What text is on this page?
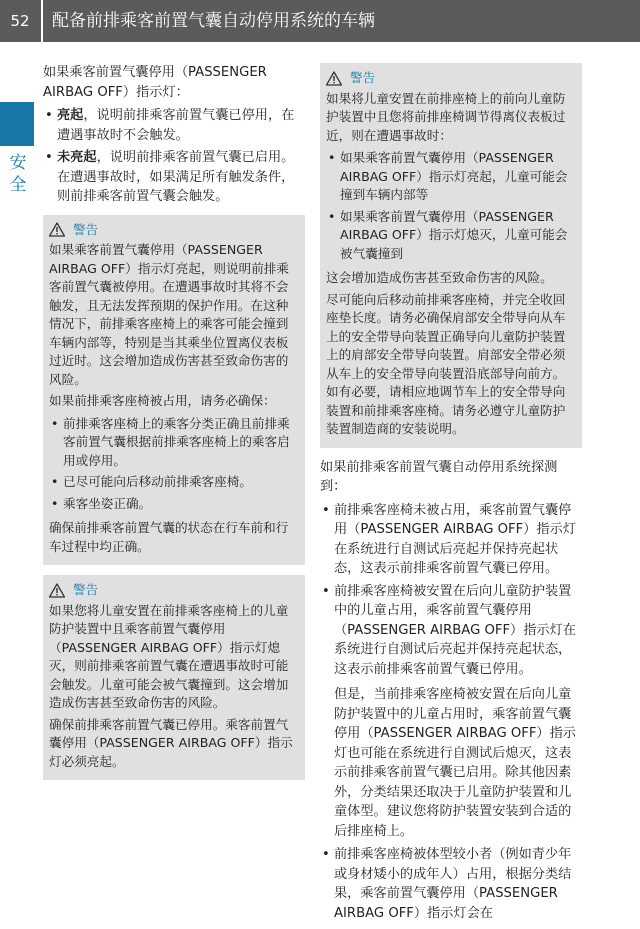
52	配备前排乘客前置气囊自动停用系统的车辆
安全

如果乘客前置气囊停用（PASSENGER AIRBAG OFF）指示灯：

• 亮起，说明前排乘客前置气囊已停用，在遭遇事故时不会触发。
• 未亮起，说明前排乘客前置气囊已启用。在遭遇事故时，如果满足所有触发条件，则前排乘客前置气囊会触发。
警告

如果乘客前置气囊停用（PASSENGER AIRBAG OFF）指示灯亮起，则说明前排乘客前置气囊被停用。在遭遇事故时其将不会触发，且无法发挥预期的保护作用。在这种情况下，前排乘客座椅上的乘客可能会撞到车辆内部等，特别是当其乘坐位置离仪表板过近时。这会增加造成伤害甚至致命伤害的风险。

如果前排乘客座椅被占用，请务必确保：

• 前排乘客座椅上的乘客分类正确且前排乘客前置气囊根据前排乘客座椅上的乘客启用或停用。
• 已尽可能向后移动前排乘客座椅。
• 乘客坐姿正确。

确保前排乘客前置气囊的状态在行车前和行车过程中均正确。

警告

如果您将儿童安置在前排乘客座椅上的儿童防护装置中且乘客前置气囊停用（PASSENGER AIRBAG OFF）指示灯熄灭，则前排乘客前置气囊在遭遇事故时可能会触发。儿童可能会被气囊撞到。这会增加造成伤害甚至致命伤害的风险。

确保前排乘客前置气囊已停用。乘客前置气囊停用（PASSENGER AIRBAG OFF）指示灯必须亮起。

警告

如果将儿童安置在前排座椅上的前向儿童防护装置中且您将前排座椅调节得离仪表板过近，则在遭遇事故时：

• 如果乘客前置气囊停用（PASSENGER AIRBAG OFF）指示灯亮起，儿童可能会撞到车辆内部等
• 如果乘客前置气囊停用（PASSENGER AIRBAG OFF）指示灯熄灭，儿童可能会被气囊撞到

这会增加造成伤害甚至致命伤害的风险。

尽可能向后移动前排乘客座椅，并完全收回座垫长度。请务必确保肩部安全带导向从车上的安全带导向装置正确导向儿童防护装置上的肩部安全带导向装置。肩部安全带必须从车上的安全带导向装置沿底部导向前方。如有必要，请相应地调节车上的安全带导向装置和前排乘客座椅。请务必遵守儿童防护装置制造商的安装说明。

如果前排乘客前置气囊自动停用系统探测到：

• 前排乘客座椅未被占用，乘客前置气囊停用（PASSENGER AIRBAG OFF）指示灯在系统进行自测试后亮起并保持亮起状态，这表示前排乘客前置气囊已停用。
• 前排乘客座椅被安置在后向儿童防护装置中的儿童占用，乘客前置气囊停用（PASSENGER AIRBAG OFF）指示灯在系统进行自测试后亮起并保持亮起状态，这表示前排乘客前置气囊已停用。

但是，当前排乘客座椅被安置在后向儿童防护装置中的儿童占用时，乘客前置气囊停用（PASSENGER AIRBAG OFF）指示灯也可能在系统进行自测试后熄灭，这表示前排乘客前置气囊已启用。除其他因素外，分类结果还取决于儿童防护装置和儿童体型。建议您将防护装置安装到合适的后排座椅上。

• 前排乘客座椅被体型较小者（例如青少年或身材矮小的成年人）占用，根据分类结果，乘客前置气囊停用（PASSENGER AIRBAG OFF）指示灯会在
